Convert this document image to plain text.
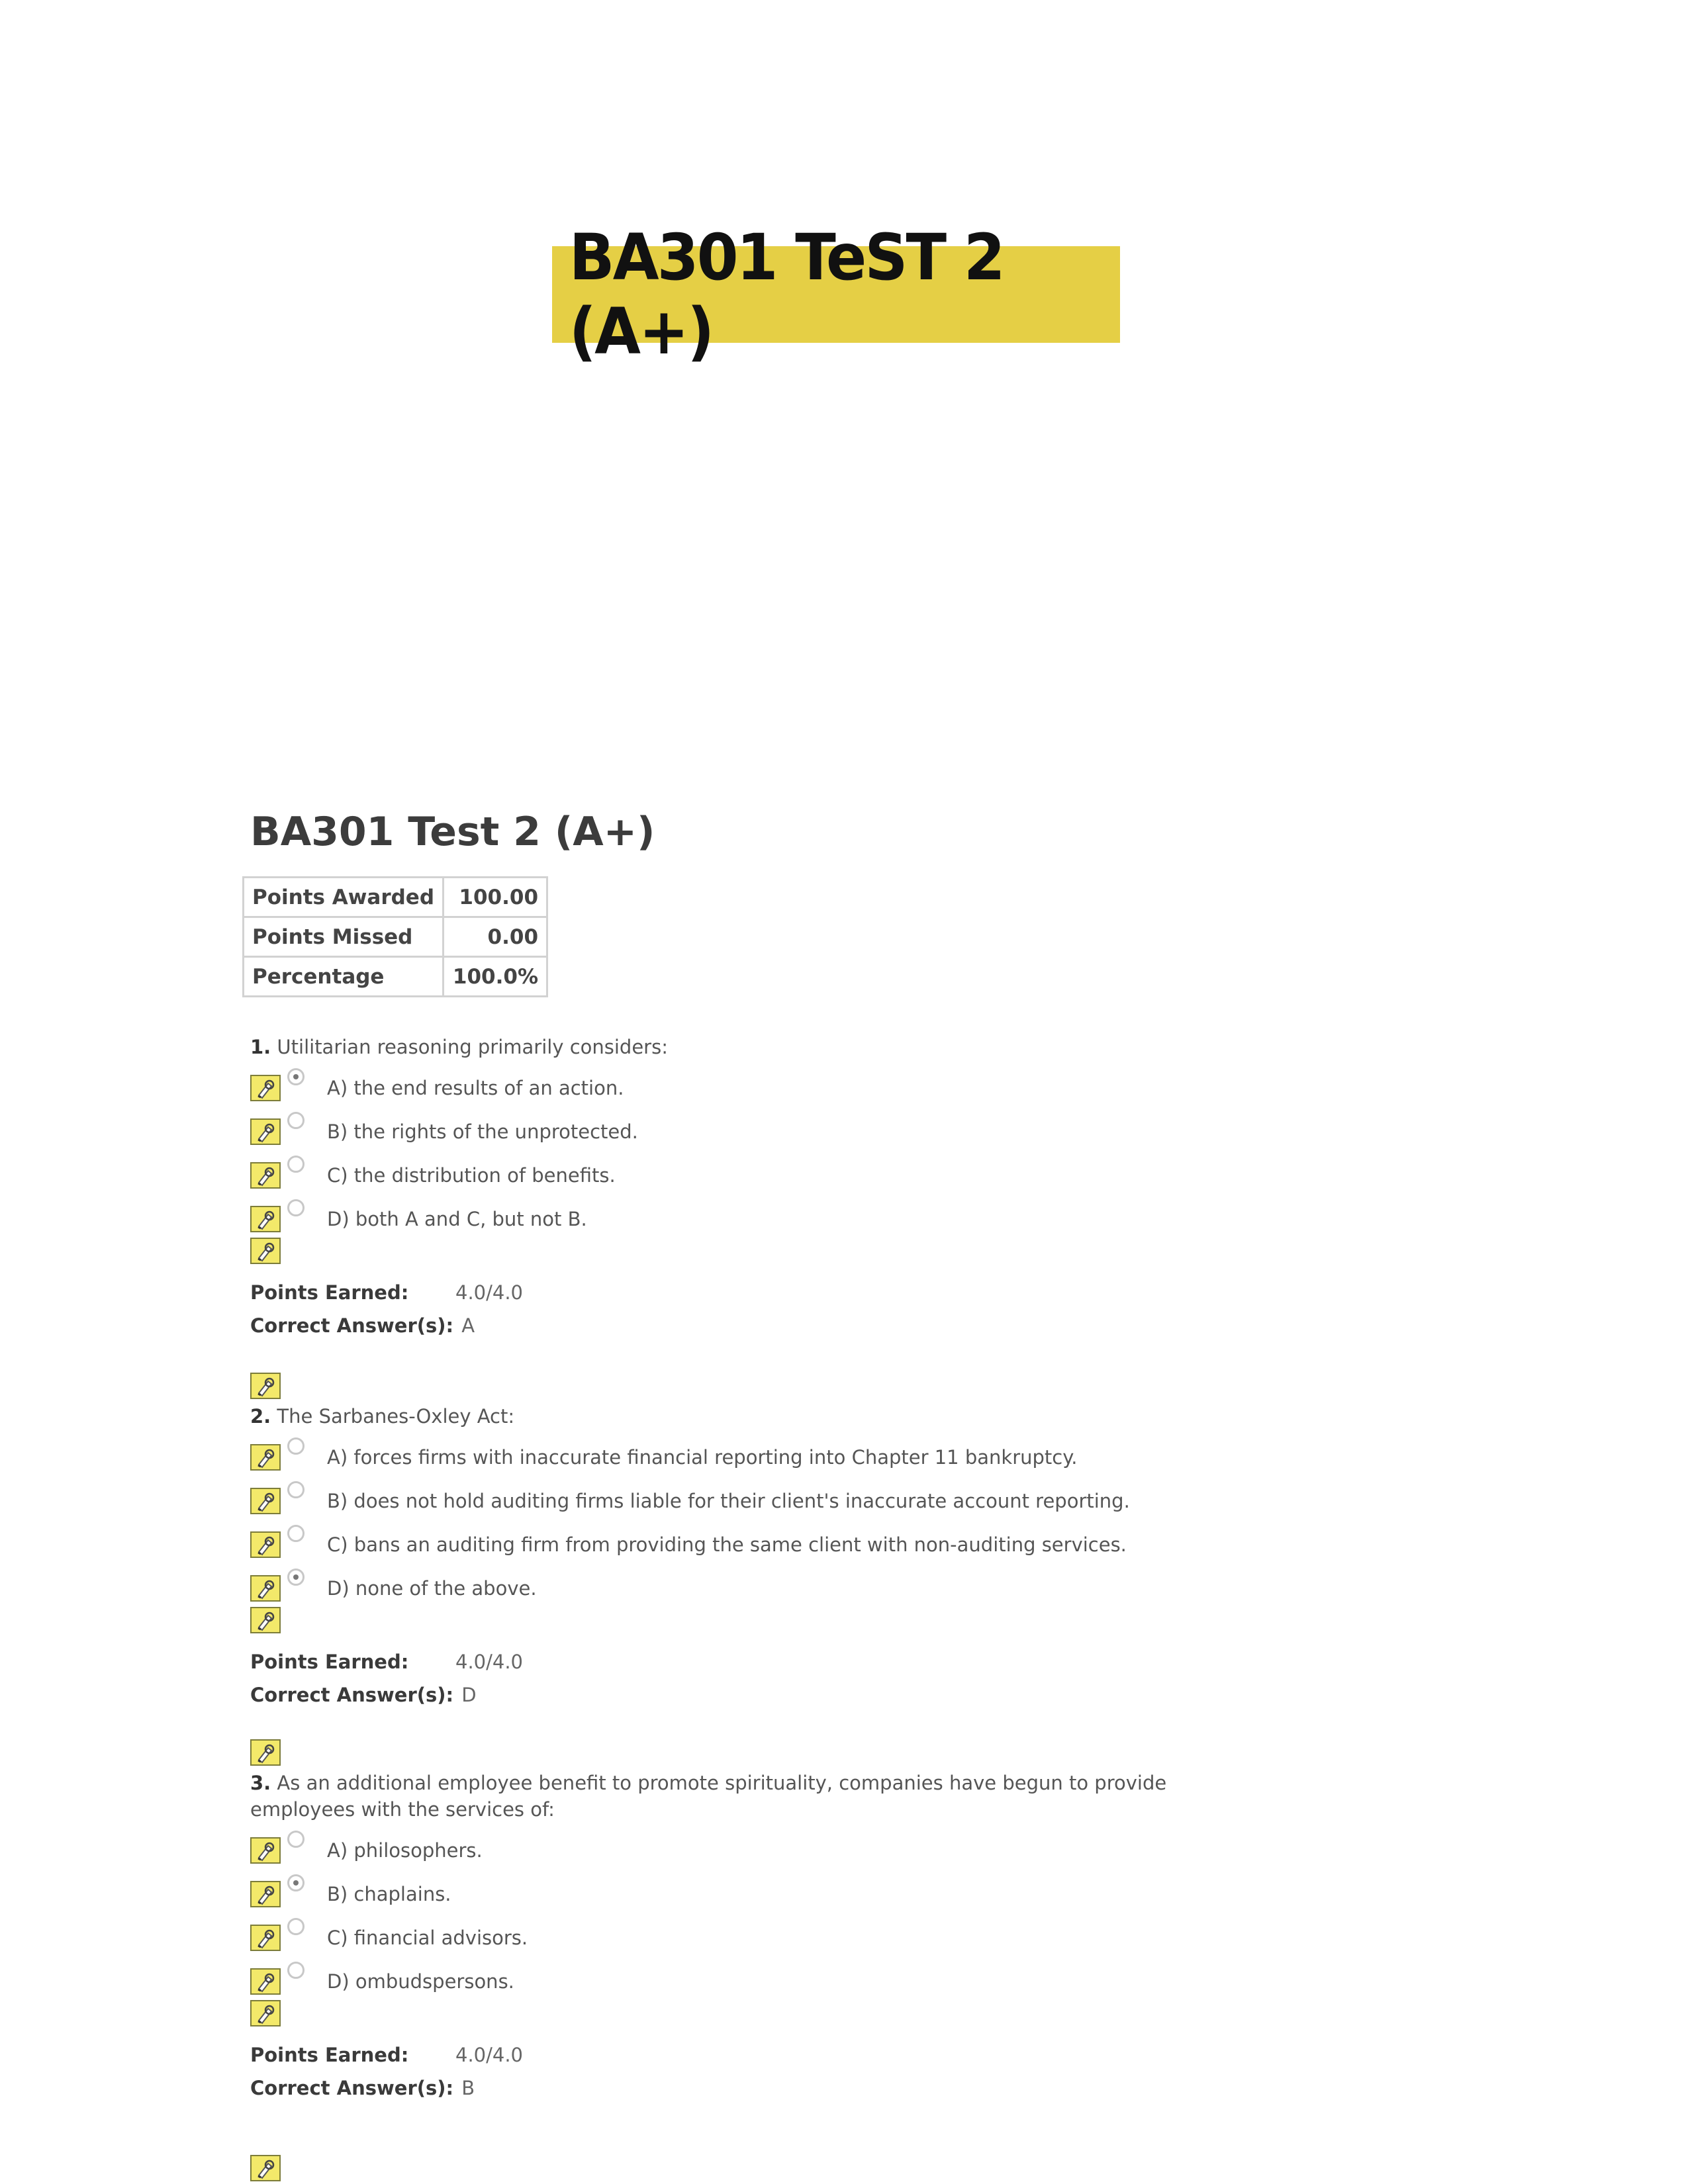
BA301 TeST 2 (A+)
BA301 Test 2 (A+)
Points Awarded	100.00
Points Missed	0.00
Percentage	100.0%
1. Utilitarian reasoning primarily considers:
A) the end results of an action.
B) the rights of the unprotected.
C) the distribution of benefits.
D) both A and C, but not B.
Points Earned: 4.0/4.0
Correct Answer(s): A
2. The Sarbanes-Oxley Act:
A) forces firms with inaccurate financial reporting into Chapter 11 bankruptcy.
B) does not hold auditing firms liable for their client's inaccurate account reporting.
C) bans an auditing firm from providing the same client with non-auditing services.
D) none of the above.
Points Earned: 4.0/4.0
Correct Answer(s): D
3. As an additional employee benefit to promote spirituality, companies have begun to provide
employees with the services of:
A) philosophers.
B) chaplains.
C) financial advisors.
D) ombudspersons.
Points Earned: 4.0/4.0
Correct Answer(s): B
